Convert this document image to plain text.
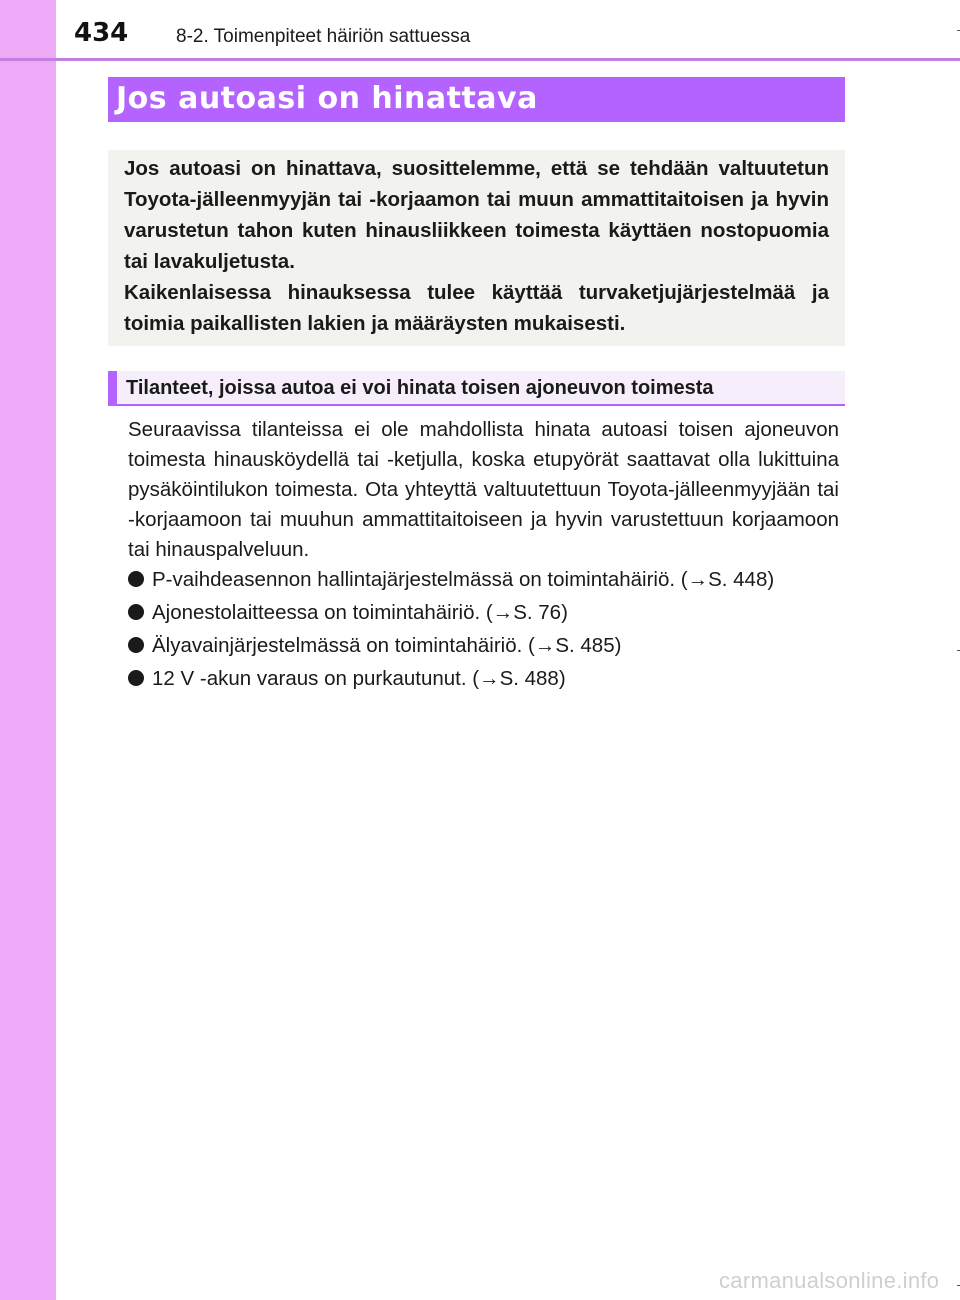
434	8-2. Toimenpiteet häiriön sattuessa
Jos autoasi on hinattava

Jos autoasi on hinattava, suosittelemme, että se tehdään valtuutetun Toyota-jälleenmyyjän tai -korjaamon tai muun ammattitaitoisen ja hyvin varustetun tahon kuten hinausliikkeen toimesta käyttäen nostopuomia tai lavakuljetusta.

Kaikenlaisessa hinauksessa tulee käyttää turvaketjujärjestelmää ja toimia paikallisten lakien ja määräysten mukaisesti.

Tilanteet, joissa autoa ei voi hinata toisen ajoneuvon toimesta

Seuraavissa tilanteissa ei ole mahdollista hinata autoasi toisen ajoneuvon toimesta hinausköydellä tai -ketjulla, koska etupyörät saattavat olla lukittuina pysäköintilukon toimesta. Ota yhteyttä valtuutettuun Toyota-jälleenmyyjään tai -korjaamoon tai muuhun ammattitaitoiseen ja hyvin varustettuun korjaamoon tai hinauspalveluun.

P-vaihdeasennon hallintajärjestelmässä on toimintahäiriö. (→S. 448)
Ajonestolaitteessa on toimintahäiriö. (→S. 76)
Älyavainjärjestelmässä on toimintahäiriö. (→S. 485)
12 V -akun varaus on purkautunut. (→S. 488)
carmanualsonline.info
